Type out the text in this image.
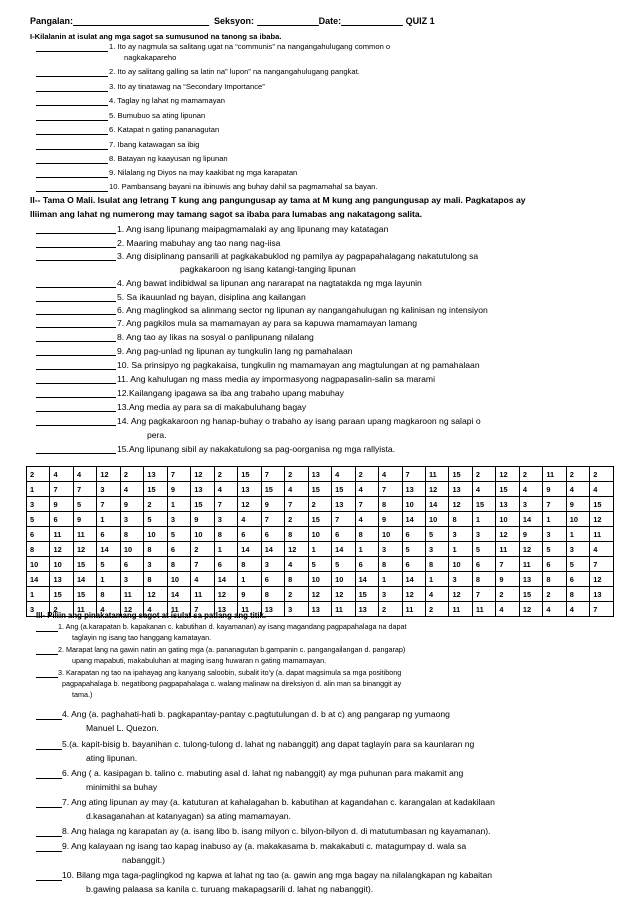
Pangalan:	Seksyon:	Date:	QUIZ 1
I-Kilalanin at isulat ang mga sagot sa sumusunod na tanong sa ibaba.
1. Ito ay nagmula sa salitang ugat na “communis” na nangangahulugang common o
nagkakapareho
2. Ito ay salitang galling sa latin na” lupon” na nangangahulugang pangkat.
3. Ito ay tinatawag na “Secondary Importance”
4. Taglay ng lahat ng mamamayan
5. Bumubuo sa ating lipunan
6. Katapat n gating pananagutan
7. Ibang katawagan sa ibig
8. Batayan ng kaayusan ng lipunan
9. Nilalang ng Diyos na may kaakibat ng mga karapatan
10. Pambansang bayani na ibinuwis ang buhay dahil sa pagmamahal sa bayan.
II-- Tama O Mali. Isulat ang letrang T kung ang pangungusap ay tama at M kung ang pangungusap ay mali. Pagkatapos ay
Iliiman ang lahat ng numerong may tamang sagot sa ibaba para lumabas ang nakatagong salita.
1. Ang isang lipunang maipagmamalaki ay ang lipunang may katatagan
2. Maaring mabuhay ang tao nang nag-iisa
3. Ang disiplinang pansarili at pagkakabuklod ng pamilya ay pagpapahalagang nakatutulong sa
pagkakaroon ng isang katangi-tanging lipunan
4. Ang bawat indibidwal sa lipunan ang nararapat na nagtatakda ng mga layunin
5. Sa ikauunlad ng bayan, disiplina ang kailangan
6. Ang maglingkod sa alinmang sector ng lipunan ay nangangahulugan ng kalinisan ng intensiyon
7. Ang pagkilos mula sa mamamayan ay para sa kapuwa mamamayan lamang
8. Ang tao ay likas na sosyal o panlipunang nilalang
9. Ang pag-unlad ng lipunan ay tungkulin lang ng pamahalaan
10. Sa prinsipyo ng pagkakaisa, tungkulin ng mamamayan ang magtulungan at ng pamahalaan
11. Ang kahulugan ng mass media ay impormasyong nagpapasalin-salin sa marami
12.Kailangang ipagawa sa iba ang trabaho upang mabuhay
13.Ang media ay para sa di makabuluhang bagay
14. Ang pagkakaroon ng hanap-buhay o trabaho ay isang paraan upang magkaroon ng salapi o
pera.
15.Ang lipunang sibil ay nakakatulong sa pag-oorganisa ng mga rallyista.
2	4	4	12	2	13	7	12	2	15	7	2	13	4	2	4	7	11	15	2	12	2	11	2	2
1	7	7	3	4	15	9	13	4	13	15	4	15	15	4	7	13	12	13	4	15	4	9	4	4
3	9	5	7	9	2	1	15	7	12	9	7	2	13	7	8	10	14	12	15	13	3	7	9	15
5	6	9	1	3	5	3	9	3	4	7	2	15	7	4	9	14	10	8	1	10	14	1	10	12
6	11	11	6	8	10	5	10	8	6	6	8	10	6	8	10	6	5	3	3	12	9	3	1	11
8	12	12	14	10	8	6	2	1	14	14	12	1	14	1	3	5	3	1	5	11	12	5	3	4
10	10	15	5	6	3	8	7	6	8	3	4	5	5	6	8	6	8	10	6	7	11	6	5	7
14	13	14	1	3	8	10	4	14	1	6	8	10	10	14	1	14	1	3	8	9	13	8	6	12
1	15	15	8	11	12	14	11	12	9	8	2	12	12	15	3	12	4	12	7	2	15	2	8	13
3	2	11	4	12	4	11	7	13	11	13	3	13	11	13	2	11	2	11	11	4	12	4	4	7
III- Piliin ang pinakatamang sagot at isulat sa patlang ang titik.
1. Ang (a.karapatan b. kapakanan c. kabutihan d. kayamanan) ay isang magandang pagpapahalaga na dapat
taglayin ng isang tao hanggang kamatayan.
2. Marapat lang na gawin natin an gating mga (a. pananagutan b.gampanin c. pangangailangan d. pangarap)
upang mapabuti, makabuluhan at maging isang huwaran n gating mamamayan.
3. Karapatan ng tao na ipahayag ang kanyang saloobin, subalit ito’y (a. dapat magsimula sa mga positibong
pagpapahalaga b. negatibong pagpapahalaga c. walang malinaw na direksiyon d. alin man sa binanggit ay
tama.)
4. Ang (a. paghahati-hati b. pagkapantay-pantay c.pagtutulungan d. b at c) ang pangarap ng yumaong
Manuel L. Quezon.
5.(a. kapit-bisig b. bayanihan c. tulong-tulong d. lahat ng nabanggit) ang dapat taglayin para sa kaunlaran ng
ating lipunan.
6. Ang ( a. kasipagan b. talino c. mabuting asal d. lahat ng nabanggit) ay mga puhunan para makamit ang
minimithi sa buhay
7. Ang ating lipunan ay may (a. katuturan at kahalagahan b. kabutihan at kagandahan c. karangalan at kadakilaan
d.kasaganahan at katanyagan) sa ating mamamayan.
8. Ang halaga ng karapatan ay (a. isang libo b. isang milyon c. bilyon-bilyon d. di matutumbasan ng kayamanan).
9. Ang kalayaan ng isang tao kapag inabuso ay (a. makakasama b. makakabuti c. matagumpay d. wala sa
nabanggit.)
10. Bilang mga taga-paglingkod ng kapwa at lahat ng tao (a. gawin ang mga bagay na nilalangkapan ng kabaitan
b.gawing palaasa sa kanila c. turuang makapagsarili d. lahat ng nabanggit).
